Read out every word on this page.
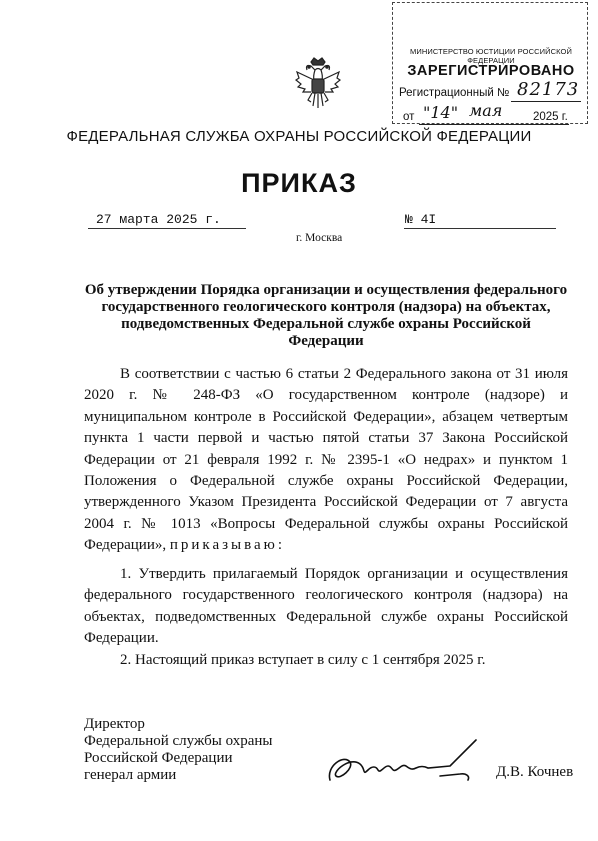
МИНИСТЕРСТВО ЮСТИЦИИ РОССИЙСКОЙ ФЕДЕРАЦИИ
ЗАРЕГИСТРИРОВАНО
Регистрационный № 82173
от "14" мая	2025 г.
ФЕДЕРАЛЬНАЯ СЛУЖБА ОХРАНЫ РОССИЙСКОЙ ФЕДЕРАЦИИ
ПРИКАЗ
27 марта 2025 г.	№ 4I
г. Москва
Об утверждении Порядка организации и осуществления федерального государственного геологического контроля (надзора) на объектах, подведомственных Федеральной службе охраны Российской Федерации
В соответствии с частью 6 статьи 2 Федерального закона от 31 июля 2020 г. № 248-ФЗ «О государственном контроле (надзоре) и муниципальном контроле в Российской Федерации», абзацем четвертым пункта 1 части первой и частью пятой статьи 37 Закона Российской Федерации от 21 февраля 1992 г. № 2395-1 «О недрах» и пунктом 1 Положения о Федеральной службе охраны Российской Федерации, утвержденного Указом Президента Российской Федерации от 7 августа 2004 г. № 1013 «Вопросы Федеральной службы охраны Российской Федерации», приказываю:
1. Утвердить прилагаемый Порядок организации и осуществления федерального государственного геологического контроля (надзора) на объектах, подведомственных Федеральной службе охраны Российской Федерации.
2. Настоящий приказ вступает в силу с 1 сентября 2025 г.
Директор
Федеральной службы охраны
Российской Федерации
генерал армии	Д.В. Кочнев
